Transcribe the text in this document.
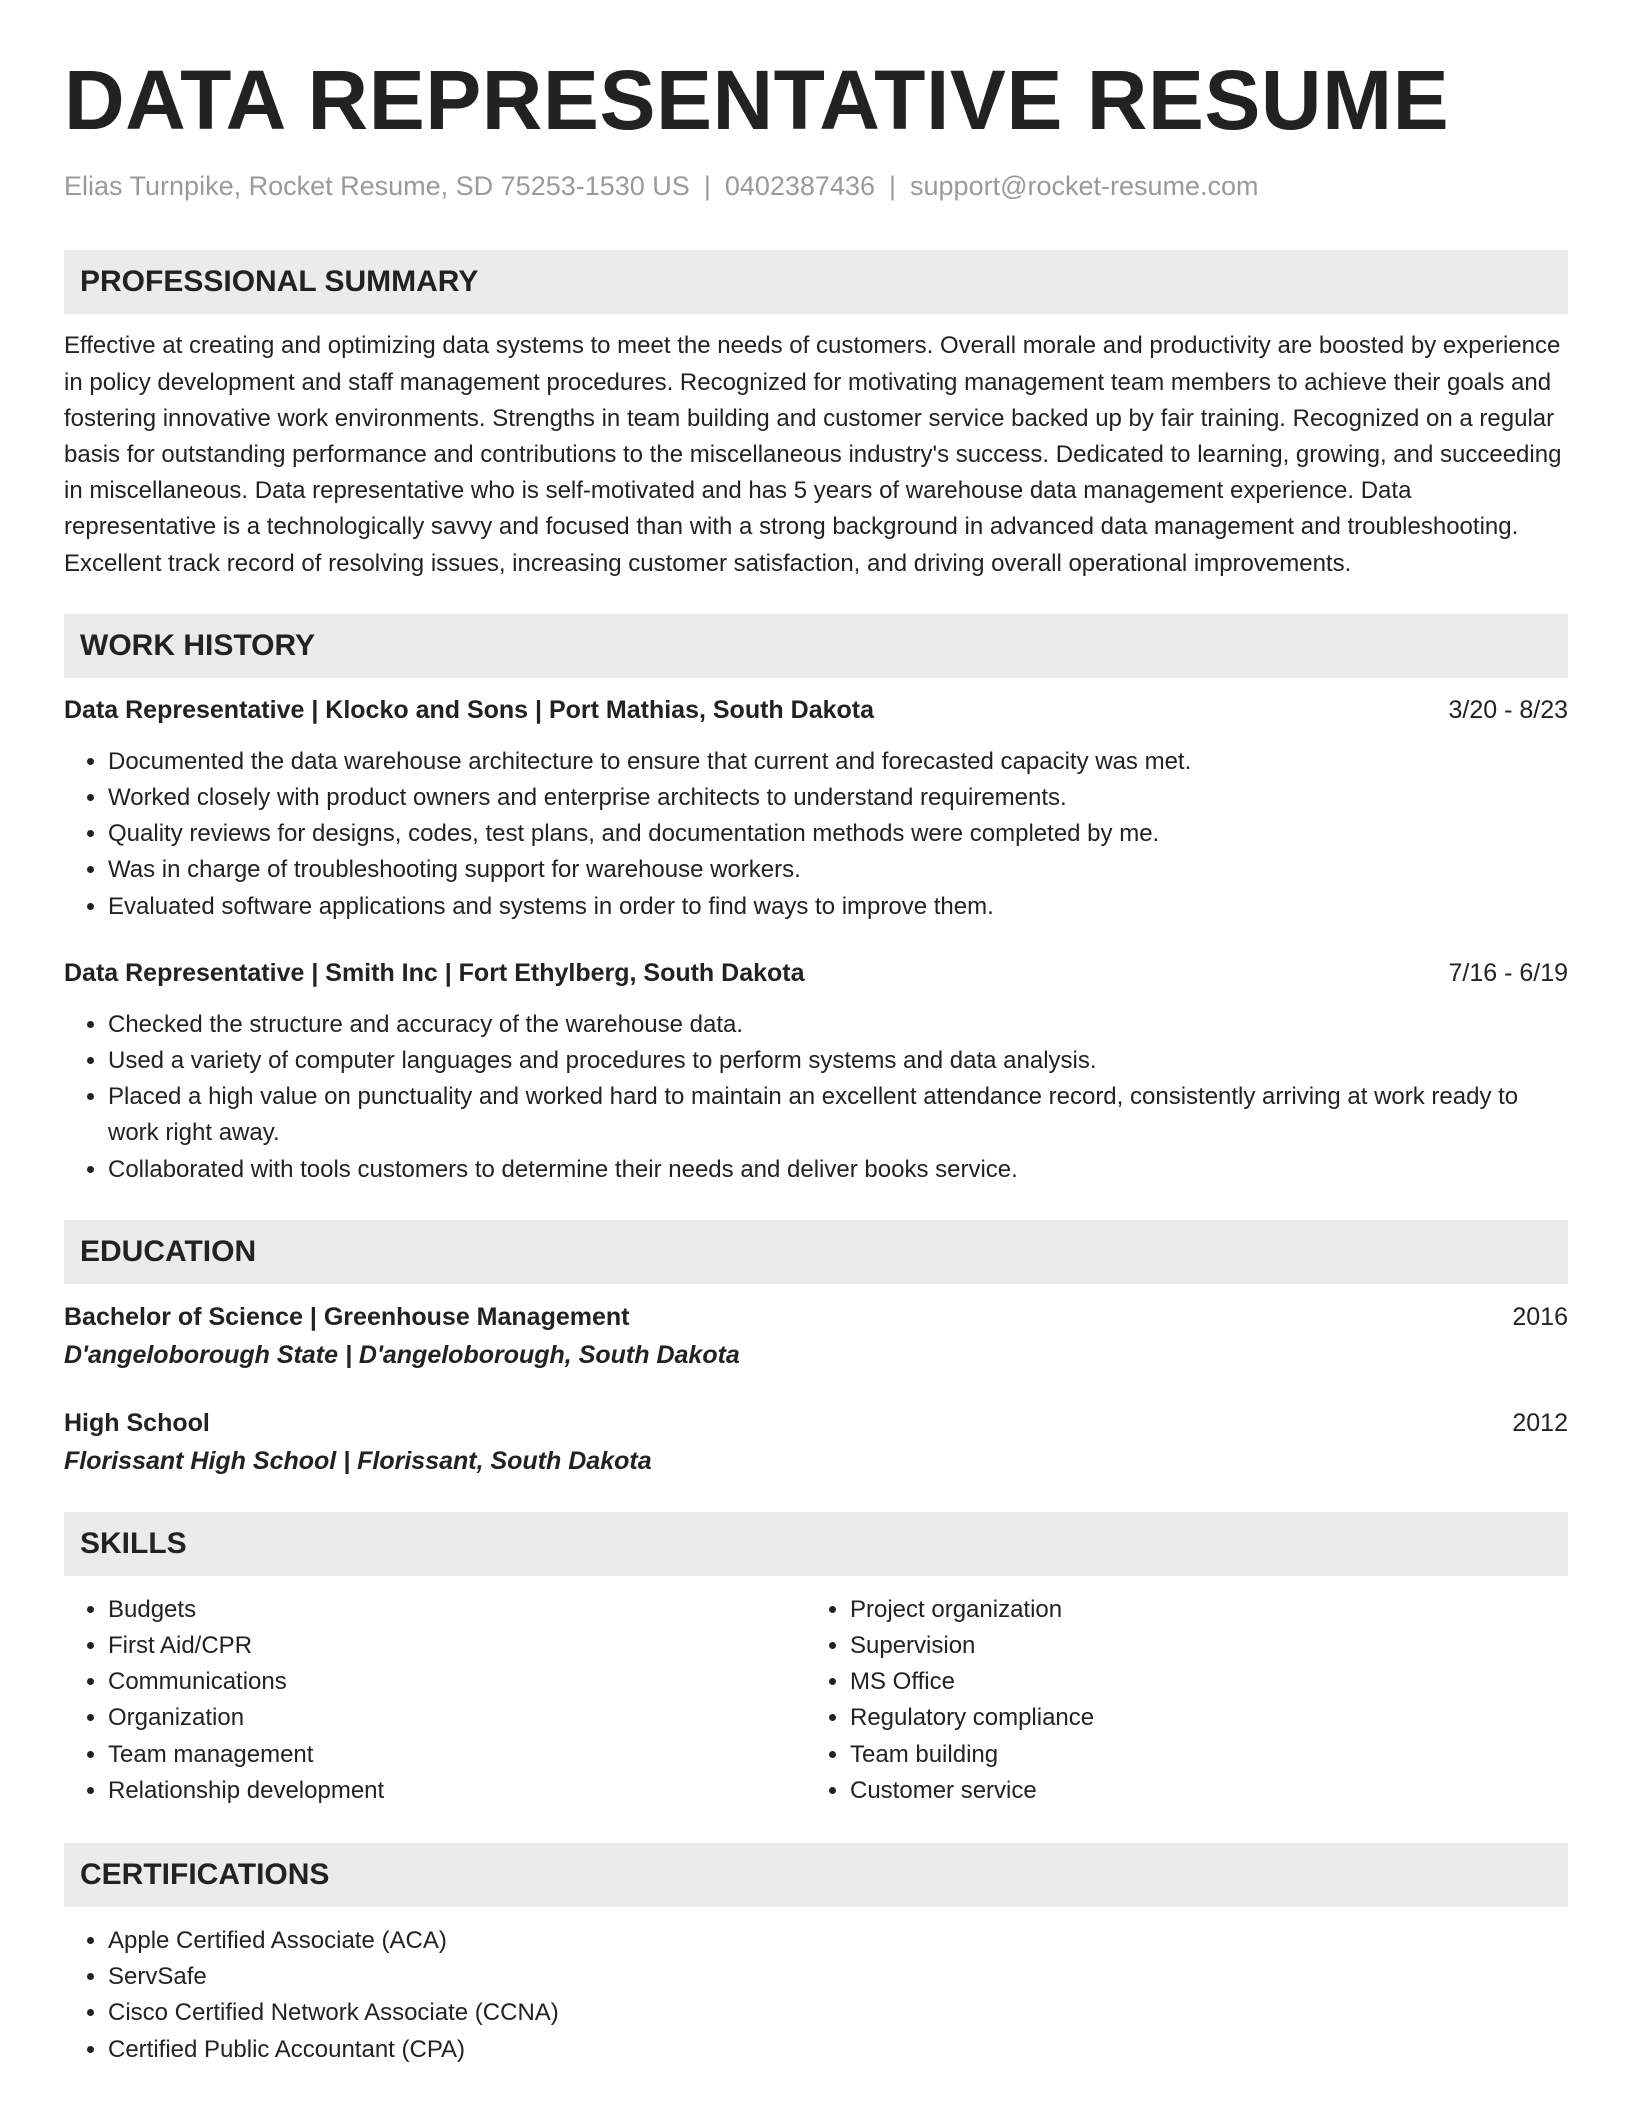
DATA REPRESENTATIVE RESUME
Elias Turnpike, Rocket Resume, SD 75253-1530 US | 0402387436 | support@rocket-resume.com
PROFESSIONAL SUMMARY
Effective at creating and optimizing data systems to meet the needs of customers. Overall morale and productivity are boosted by experience in policy development and staff management procedures. Recognized for motivating management team members to achieve their goals and fostering innovative work environments. Strengths in team building and customer service backed up by fair training. Recognized on a regular basis for outstanding performance and contributions to the miscellaneous industry's success. Dedicated to learning, growing, and succeeding in miscellaneous. Data representative who is self-motivated and has 5 years of warehouse data management experience. Data representative is a technologically savvy and focused than with a strong background in advanced data management and troubleshooting. Excellent track record of resolving issues, increasing customer satisfaction, and driving overall operational improvements.
WORK HISTORY
Data Representative | Klocko and Sons | Port Mathias, South Dakota	3/20 - 8/23
• Documented the data warehouse architecture to ensure that current and forecasted capacity was met.
• Worked closely with product owners and enterprise architects to understand requirements.
• Quality reviews for designs, codes, test plans, and documentation methods were completed by me.
• Was in charge of troubleshooting support for warehouse workers.
• Evaluated software applications and systems in order to find ways to improve them.
Data Representative | Smith Inc | Fort Ethylberg, South Dakota	7/16 - 6/19
• Checked the structure and accuracy of the warehouse data.
• Used a variety of computer languages and procedures to perform systems and data analysis.
• Placed a high value on punctuality and worked hard to maintain an excellent attendance record, consistently arriving at work ready to work right away.
• Collaborated with tools customers to determine their needs and deliver books service.
EDUCATION
Bachelor of Science | Greenhouse Management	2016
D'angeloborough State | D'angeloborough, South Dakota
High School	2012
Florissant High School | Florissant, South Dakota
SKILLS
• Budgets
• First Aid/CPR
• Communications
• Organization
• Team management
• Relationship development
• Project organization
• Supervision
• MS Office
• Regulatory compliance
• Team building
• Customer service
CERTIFICATIONS
• Apple Certified Associate (ACA)
• ServSafe
• Cisco Certified Network Associate (CCNA)
• Certified Public Accountant (CPA)
